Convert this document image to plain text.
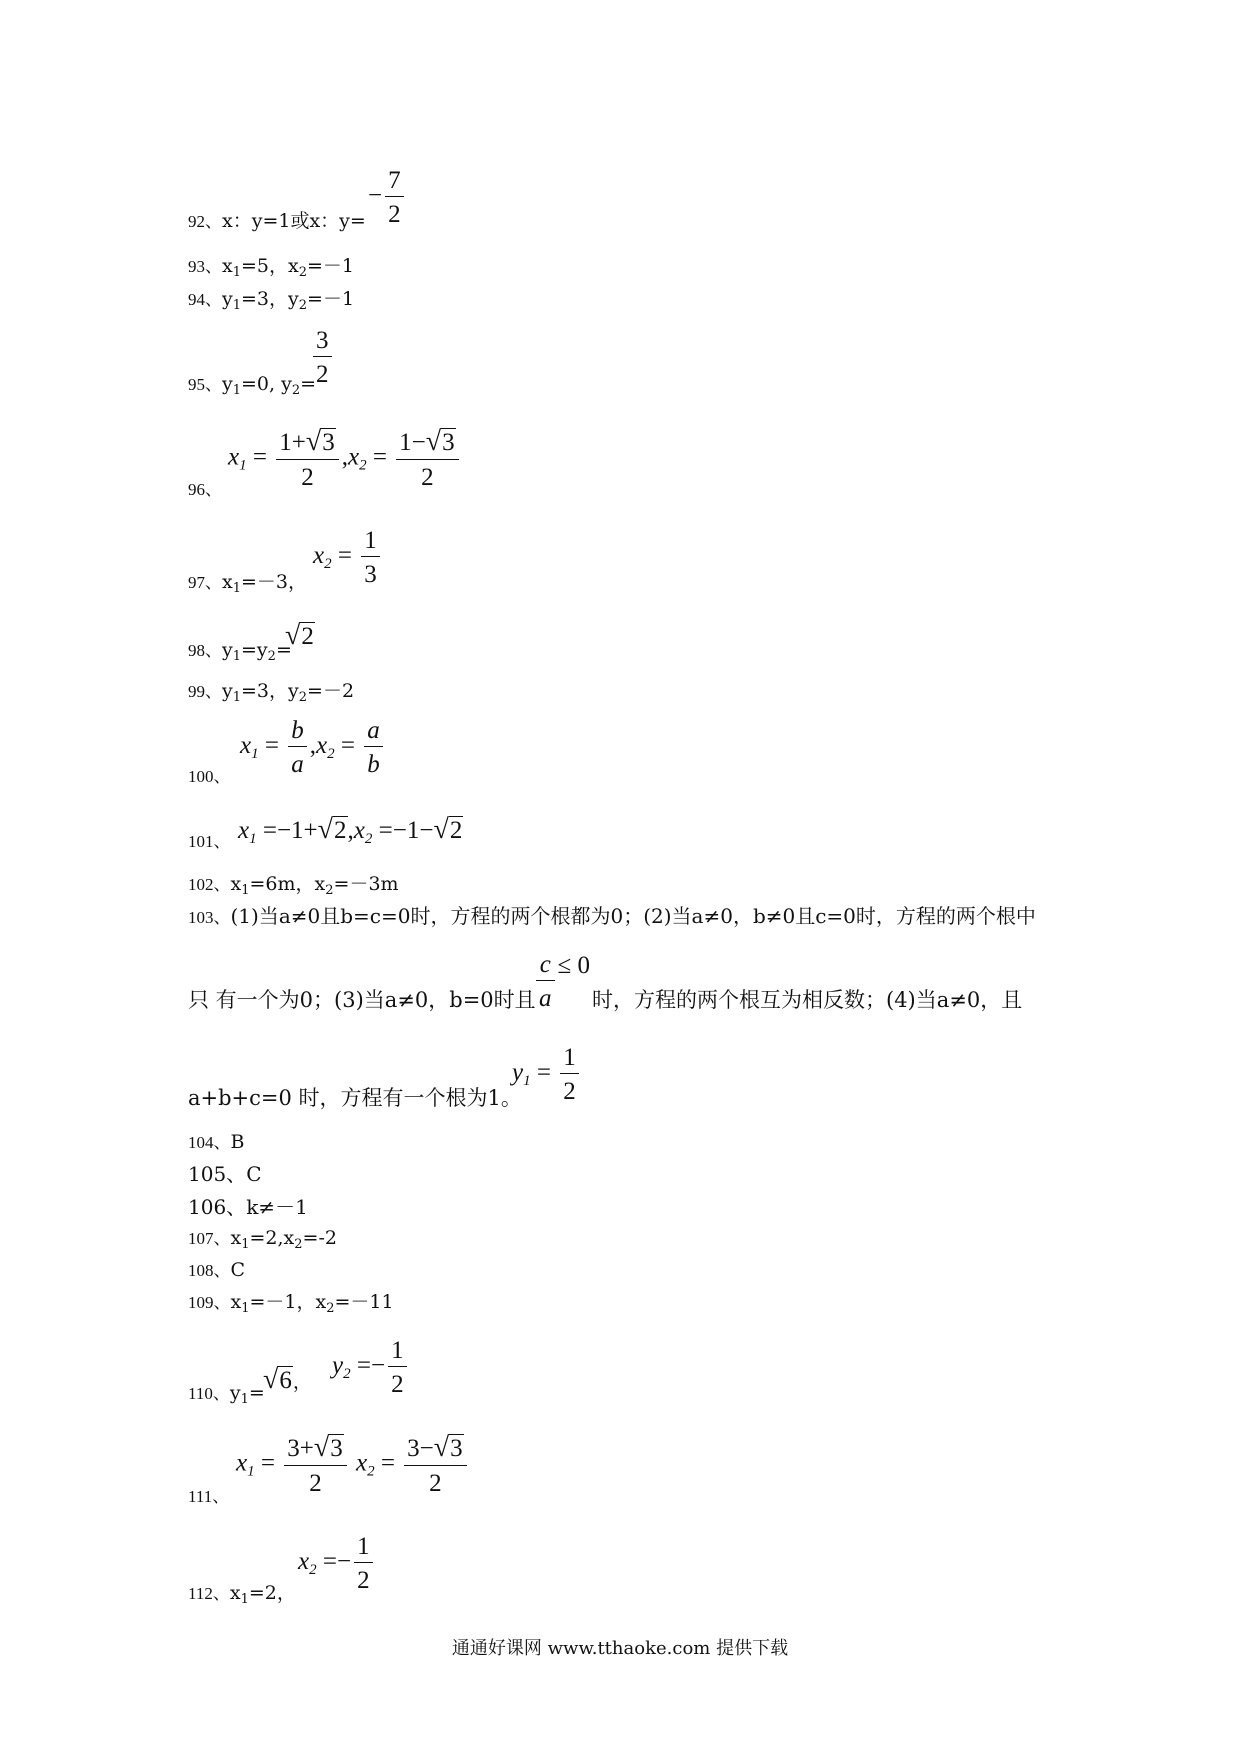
92、x：y=1或x：y=
− $\frac{7}{2}$
93、$x_1=5$，$x_2=-1$
94、$y_1=3$，$y_2=-1$
95、$y_1=0$, $y_2=$
$\frac{3}{2}$
96、
$x_1 = \frac{1+√3}{2} ,x_2 = \frac{1-√3}{2}$
97、$x_1=-3$，
$x_2 = \frac{1}{3}$
98、$y_1=y_2=$
√2
99、$y_1=3$，$y_2=-2$
100、
$x_1 = \frac{b}{a} ,x_2 = \frac{a}{b}$
101、 $x_1 =-1+√2,x_2 =-1-√2$
102、$x_1=6m$，$x_2=-3m$
103、(1)当a≠0且b=c=0时，方程的两个根都为0；(2)当a≠0，b≠0且c=0时，方程的两个根中
只 有一个为0；(3)当a≠0，b=0时且 $\frac{c}{a} \le 0$
时，方程的两个根互为相反数；(4)当a≠0，且
a+b+c=0 时，方程有一个根为1。
$y_1 = \frac{1}{2}$
104、B
105、C
106、k≠－1
107、$x_1=2,x_2=-2$
108、C
109、$x_1=-1$，$x_2=-11$
110、$y_1=$
√6，
$y_2 =- \frac{1}{2}$
111、
$x_1 = \frac{3+√3}{2} x_2 = \frac{3-√3}{2}$
112、$x_1=2$，
$x_2 =- \frac{1}{2}$
通通好课网 www.tthaoke.com 提供下载
